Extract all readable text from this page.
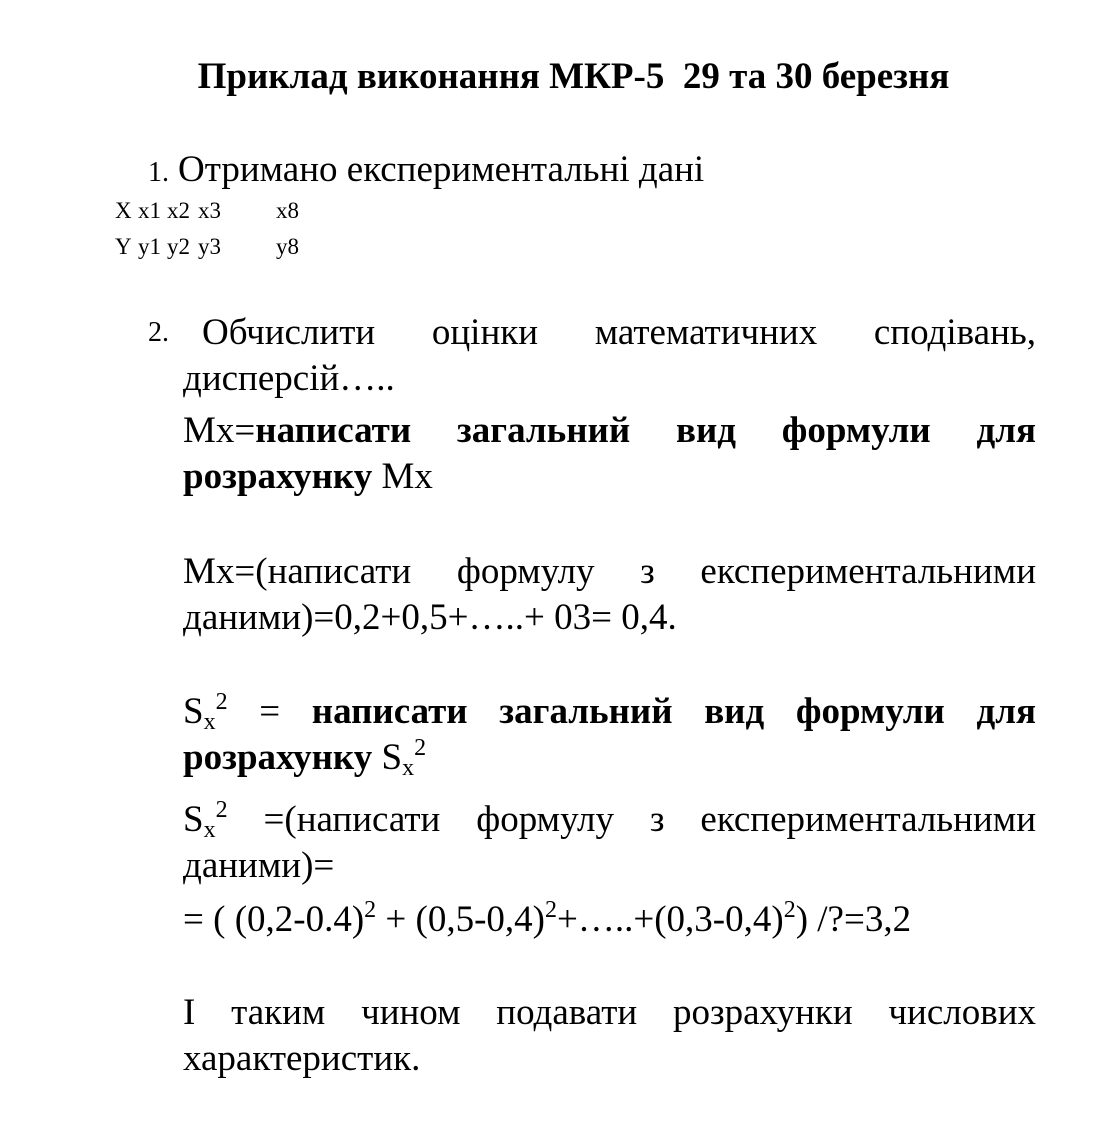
Приклад виконання МКР-5  29 та 30 березня
1. Отримано експериментальні дані
X x1 x2 x3 x8
Y y1 y2 y3 y8
2. Обчислити оцінки математичних сподівань, дисперсій…..
Mx=написати загальний вид формули для розрахунку Mx
Mx=(написати формулу з експериментальними даними)=0,2+0,5+…..+ 03= 0,4.
$S_x^2$ = написати загальний вид формули для розрахунку $S_x^2$
$S_x^2$ =(написати формулу з експериментальними даними)=
= ( $(0,2-0.4)^2$ + $(0,5-0,4)^2+\dots..+(0,3-0,4)^2$) /?=3,2
І таким чином подавати розрахунки числових характеристик.
